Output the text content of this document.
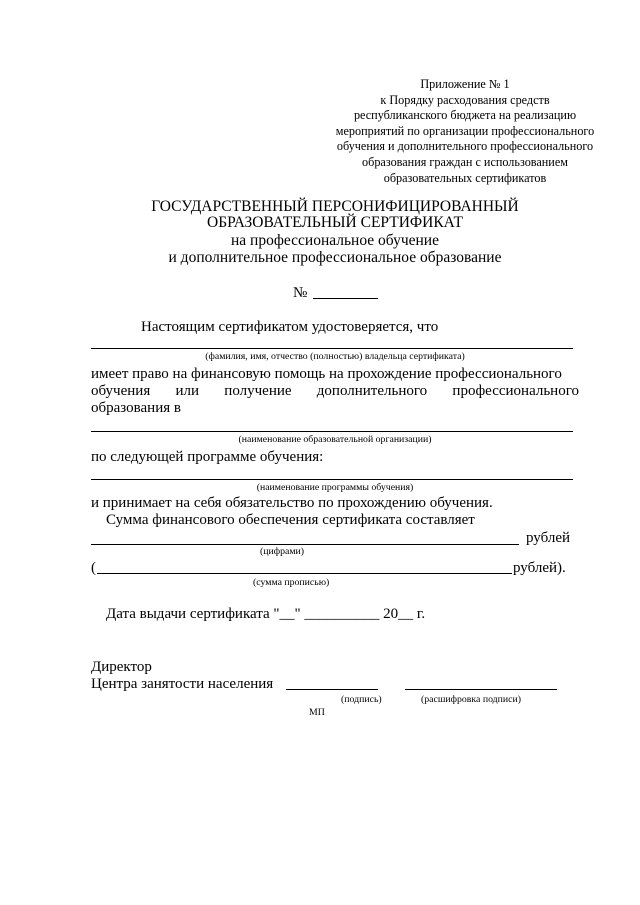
Приложение № 1
к Порядку расходования средств
республиканского бюджета на реализацию
мероприятий по организации профессионального
обучения и дополнительного профессионального
образования граждан с использованием
образовательных сертификатов
ГОСУДАРСТВЕННЫЙ ПЕРСОНИФИЦИРОВАННЫЙ
ОБРАЗОВАТЕЛЬНЫЙ СЕРТИФИКАТ
на профессиональное обучение
и дополнительное профессиональное образование
№
Настоящим сертификатом удостоверяется, что
(фамилия, имя, отчество (полностью) владельца сертификата)
имеет право на финансовую помощь на прохождение профессионального
обучения или получение дополнительного профессионального
образования в
(наименование образовательной организации)
по следующей программе обучения:
(наименование программы обучения)
и принимает на себя обязательство по прохождению обучения.
Сумма финансового обеспечения сертификата составляет
рублей
(цифрами)
(	рублей).
(сумма прописью)
Дата выдачи сертификата "__" __________ 20__ г.
Директор
Центра занятости населения
(подпись)	(расшифровка подписи)
МП
